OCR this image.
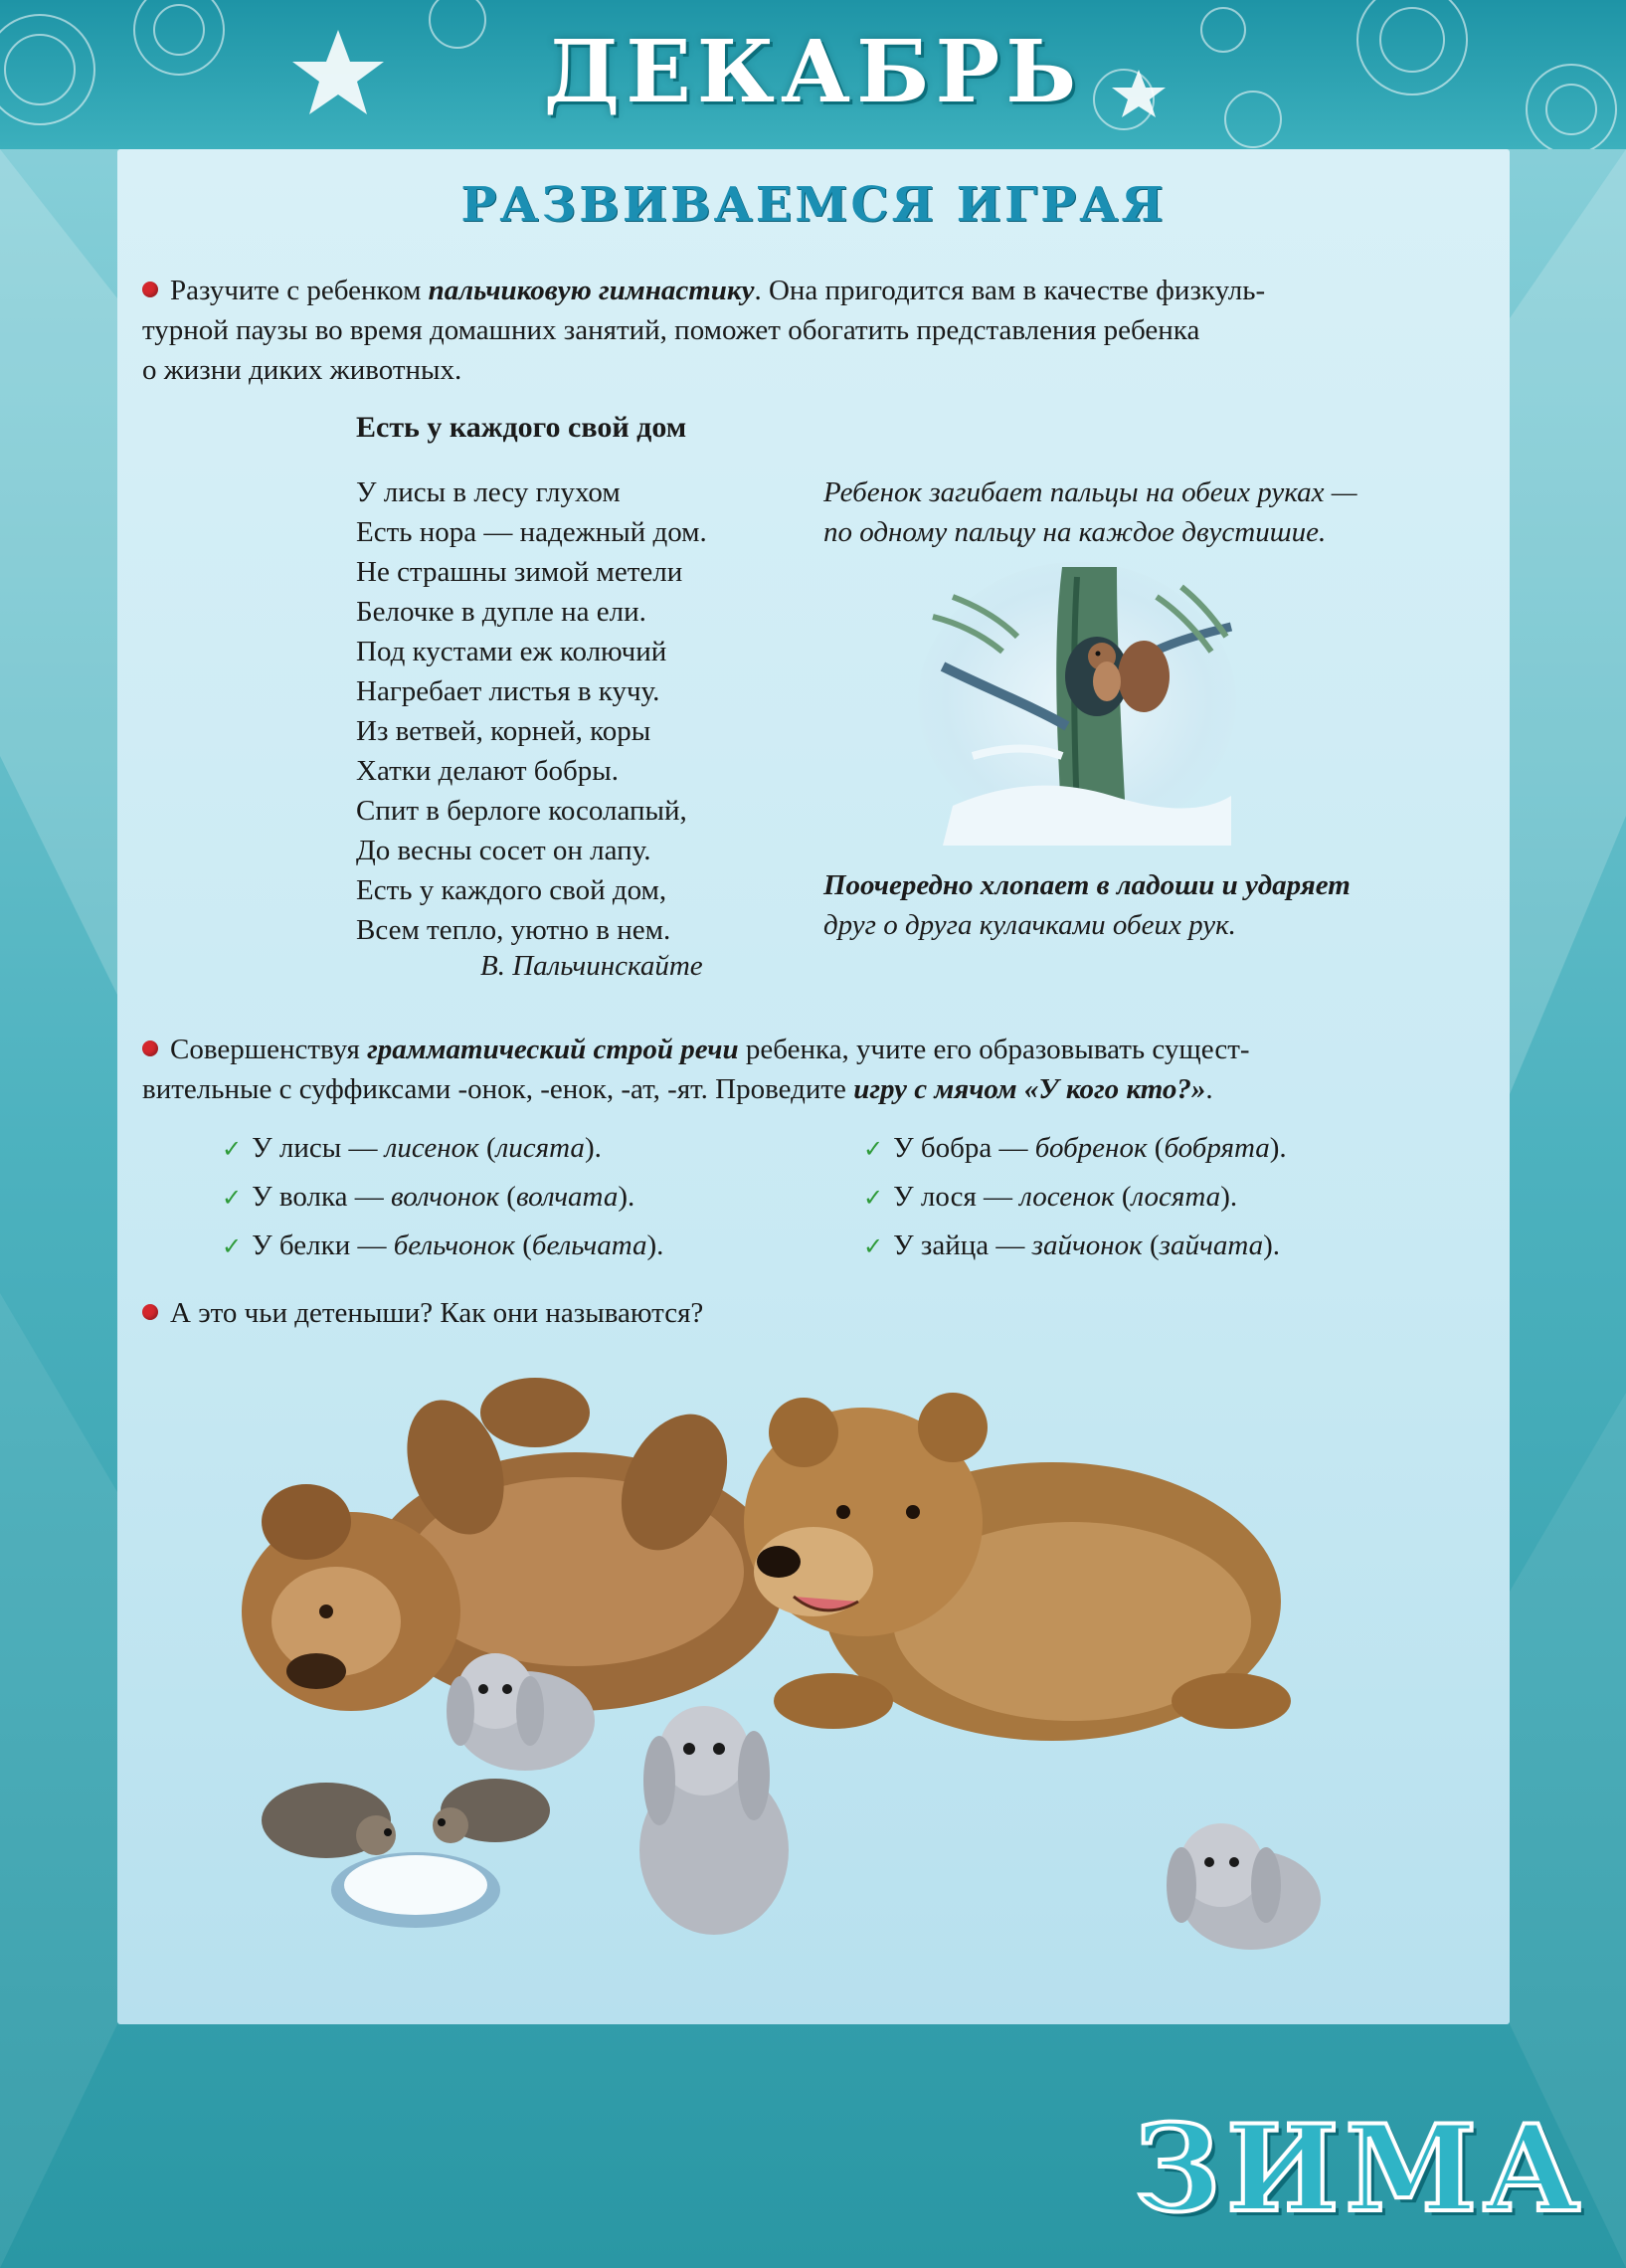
ДЕКАБРЬ
РАЗВИВАЕМСЯ ИГРАЯ
Разучите с ребенком пальчиковую гимнастику. Она пригодится вам в качестве физкуль-
турной паузы во время домашних занятий, поможет обогатить представления ребенка
о жизни диких животных.
Есть у каждого свой дом
У лисы в лесу глухом
Есть нора — надежный дом.
Не страшны зимой метели
Белочке в дупле на ели.
Под кустами еж колючий
Нагребает листья в кучу.
Из ветвей, корней, коры
Хатки делают бобры.
Спит в берлоге косолапый,
До весны сосет он лапу.
Есть у каждого свой дом,
Всем тепло, уютно в нем.
В. Пальчинскайте
Ребенок загибает пальцы на обеих руках —
по одному пальцу на каждое двустишие.
Поочередно хлопает в ладоши и ударяет
друг о друга кулачками обеих рук.
Совершенствуя грамматический строй речи ребенка, учите его образовывать сущест-
вительные с суффиксами -онок, -енок, -ат, -ят. Проведите игру с мячом «У кого кто?».
✓ У лисы — лисенок (лисята).
✓ У волка — волчонок (волчата).
✓ У белки — бельчонок (бельчата).
✓ У бобра — бобренок (бобрята).
✓ У лося — лосенок (лосята).
✓ У зайца — зайчонок (зайчата).
А это чьи детеныши? Как они называются?
ЗИМА
